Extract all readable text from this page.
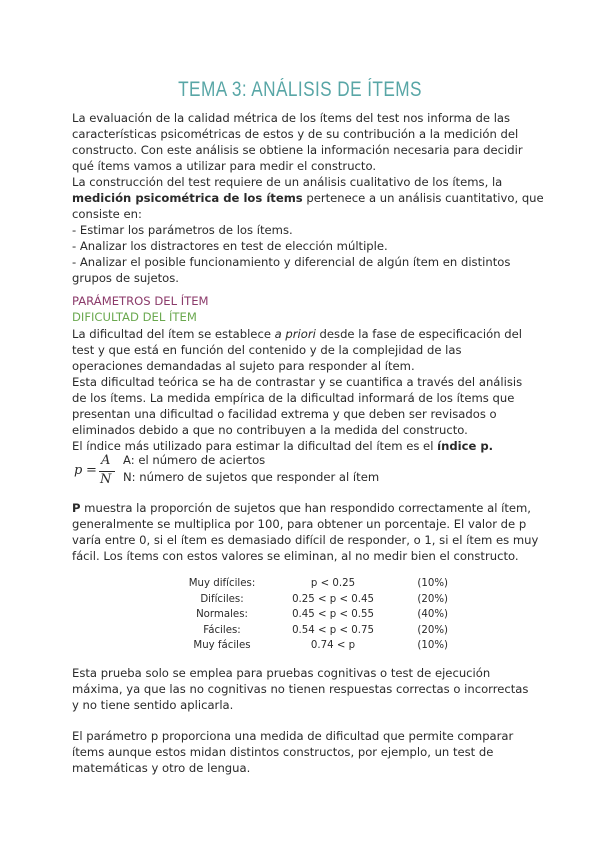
TEMA 3: ANÁLISIS DE ÍTEMS
La evaluación de la calidad métrica de los ítems del test nos informa de las
características psicométricas de estos y de su contribución a la medición del
constructo. Con este análisis se obtiene la información necesaria para decidir
qué ítems vamos a utilizar para medir el constructo.
La construcción del test requiere de un análisis cualitativo de los ítems, la
medición psicométrica de los ítems pertenece a un análisis cuantitativo, que
consiste en:
- Estimar los parámetros de los ítems.
- Analizar los distractores en test de elección múltiple.
- Analizar el posible funcionamiento y diferencial de algún ítem en distintos
grupos de sujetos.
PARÁMETROS DEL ÍTEM
DIFICULTAD DEL ÍTEM
La dificultad del ítem se establece a priori desde la fase de especificación del
test y que está en función del contenido y de la complejidad de las
operaciones demandadas al sujeto para responder al ítem.
Esta dificultad teórica se ha de contrastar y se cuantifica a través del análisis
de los ítems. La medida empírica de la dificultad informará de los ítems que
presentan una dificultad o facilidad extrema y que deben ser revisados o
eliminados debido a que no contribuyen a la medida del constructo.
El índice más utilizado para estimar la dificultad del ítem es el índice p.
p =
A
N
A: el número de aciertos
N: número de sujetos que responder al ítem
P muestra la proporción de sujetos que han respondido correctamente al ítem,
generalmente se multiplica por 100, para obtener un porcentaje. El valor de p
varía entre 0, si el ítem es demasiado difícil de responder, o 1, si el ítem es muy
fácil. Los ítems con estos valores se eliminan, al no medir bien el constructo.
Muy difíciles:	p < 0.25	(10%)
Difíciles:	0.25 < p < 0.45	(20%)
Normales:	0.45 < p < 0.55	(40%)
Fáciles:	0.54 < p < 0.75	(20%)
Muy fáciles	0.74 < p	(10%)
Esta prueba solo se emplea para pruebas cognitivas o test de ejecución
máxima, ya que las no cognitivas no tienen respuestas correctas o incorrectas
y no tiene sentido aplicarla.
El parámetro p proporciona una medida de dificultad que permite comparar
ítems aunque estos midan distintos constructos, por ejemplo, un test de
matemáticas y otro de lengua.
